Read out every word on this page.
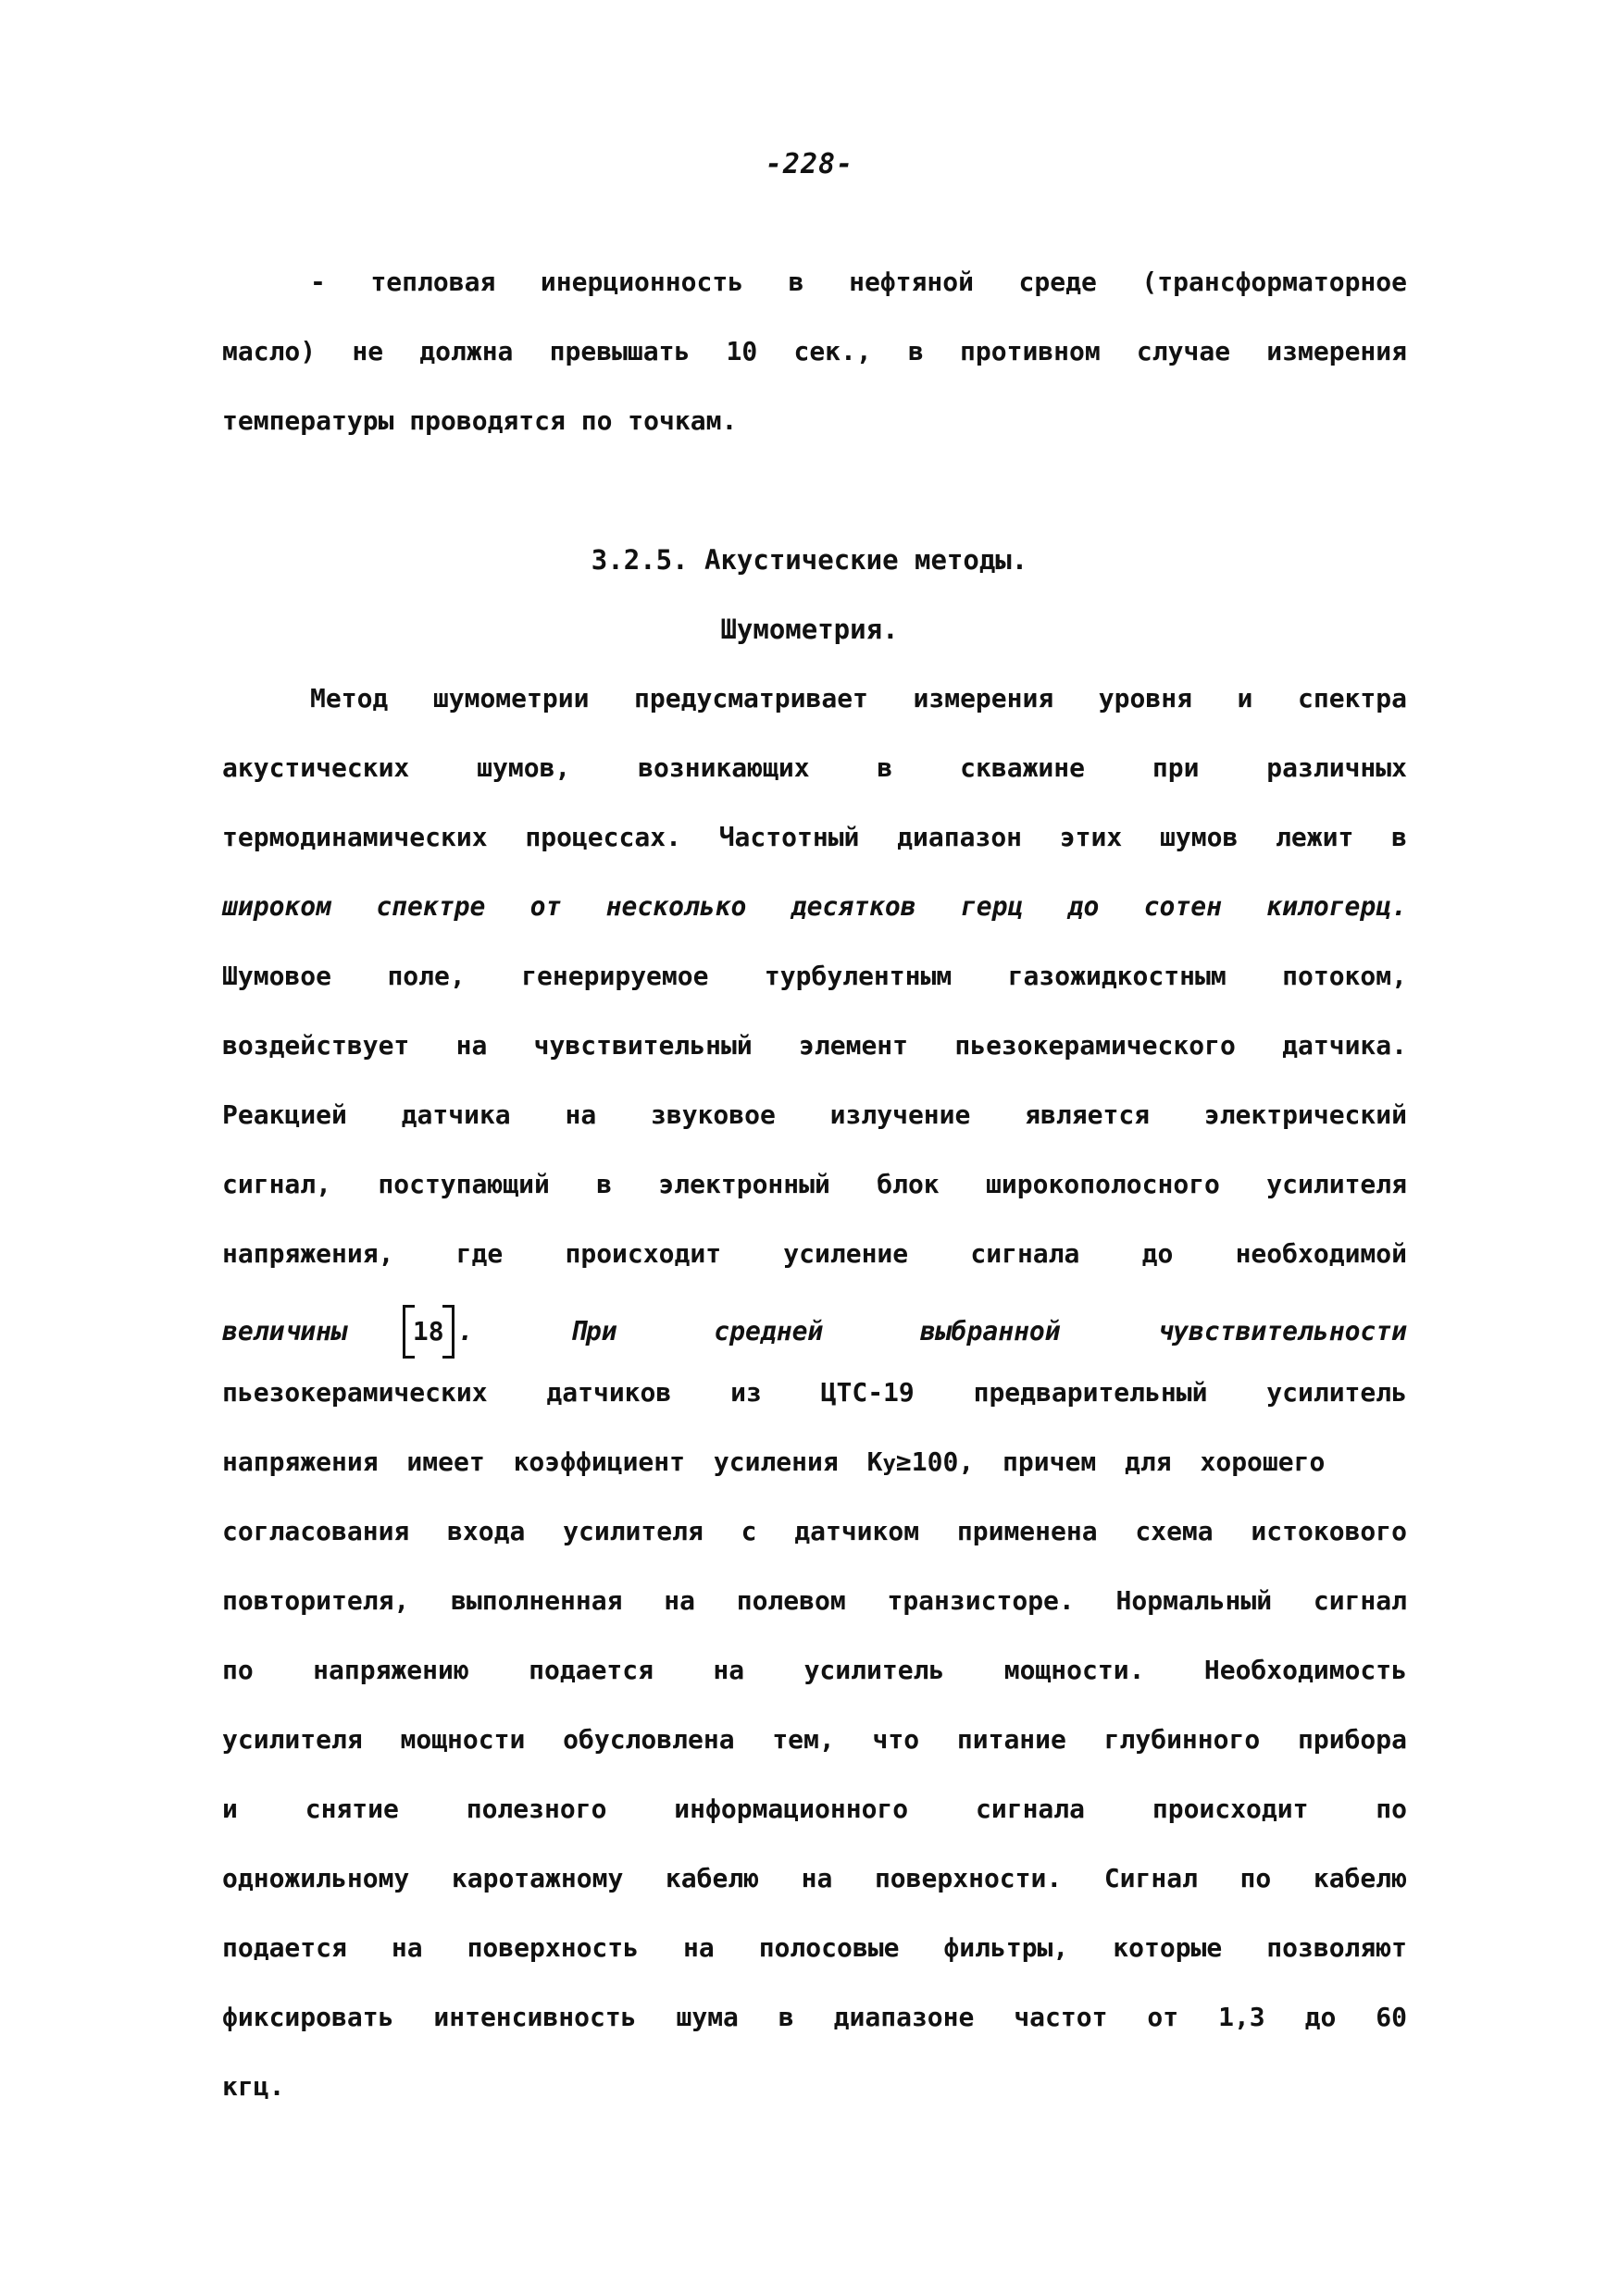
-228-
- тепловая инерционность в нефтяной среде (трансформаторное
масло) не должна превышать 10 сек., в противном случае измерения
температуры проводятся по точкам.
3.2.5. Акустические методы.
Шумометрия.
Метод шумометрии предусматривает измерения уровня и спектра
акустических шумов, возникающих в скважине при различных
термодинамических процессах. Частотный диапазон этих шумов лежит в
широком спектре от несколько десятков герц до сотен килогерц.
Шумовое поле, генерируемое турбулентным газожидкостным потоком,
воздействует на чувствительный элемент пьезокерамического датчика.
Реакцией датчика на звуковое излучение является электрический
сигнал, поступающий в электронный блок широкополосного усилителя
напряжения, где происходит усиление сигнала до необходимой
величины	18 . При средней выбранной чувствительности
пьезокерамических датчиков из ЦТС-19 предварительный усилитель
напряжения имеет коэффициент усиления K у ≥100, причем для хорошего
согласования входа усилителя с датчиком применена схема истокового
повторителя, выполненная на полевом транзисторе. Нормальный сигнал
по напряжению подается на усилитель мощности. Необходимость
усилителя мощности обусловлена тем, что питание глубинного прибора
и снятие полезного информационного сигнала происходит по
одножильному каротажному кабелю на поверхности. Сигнал по кабелю
подается на поверхность на полосовые фильтры, которые позволяют
фиксировать интенсивность шума в диапазоне частот от 1,3 до 60
кгц.
